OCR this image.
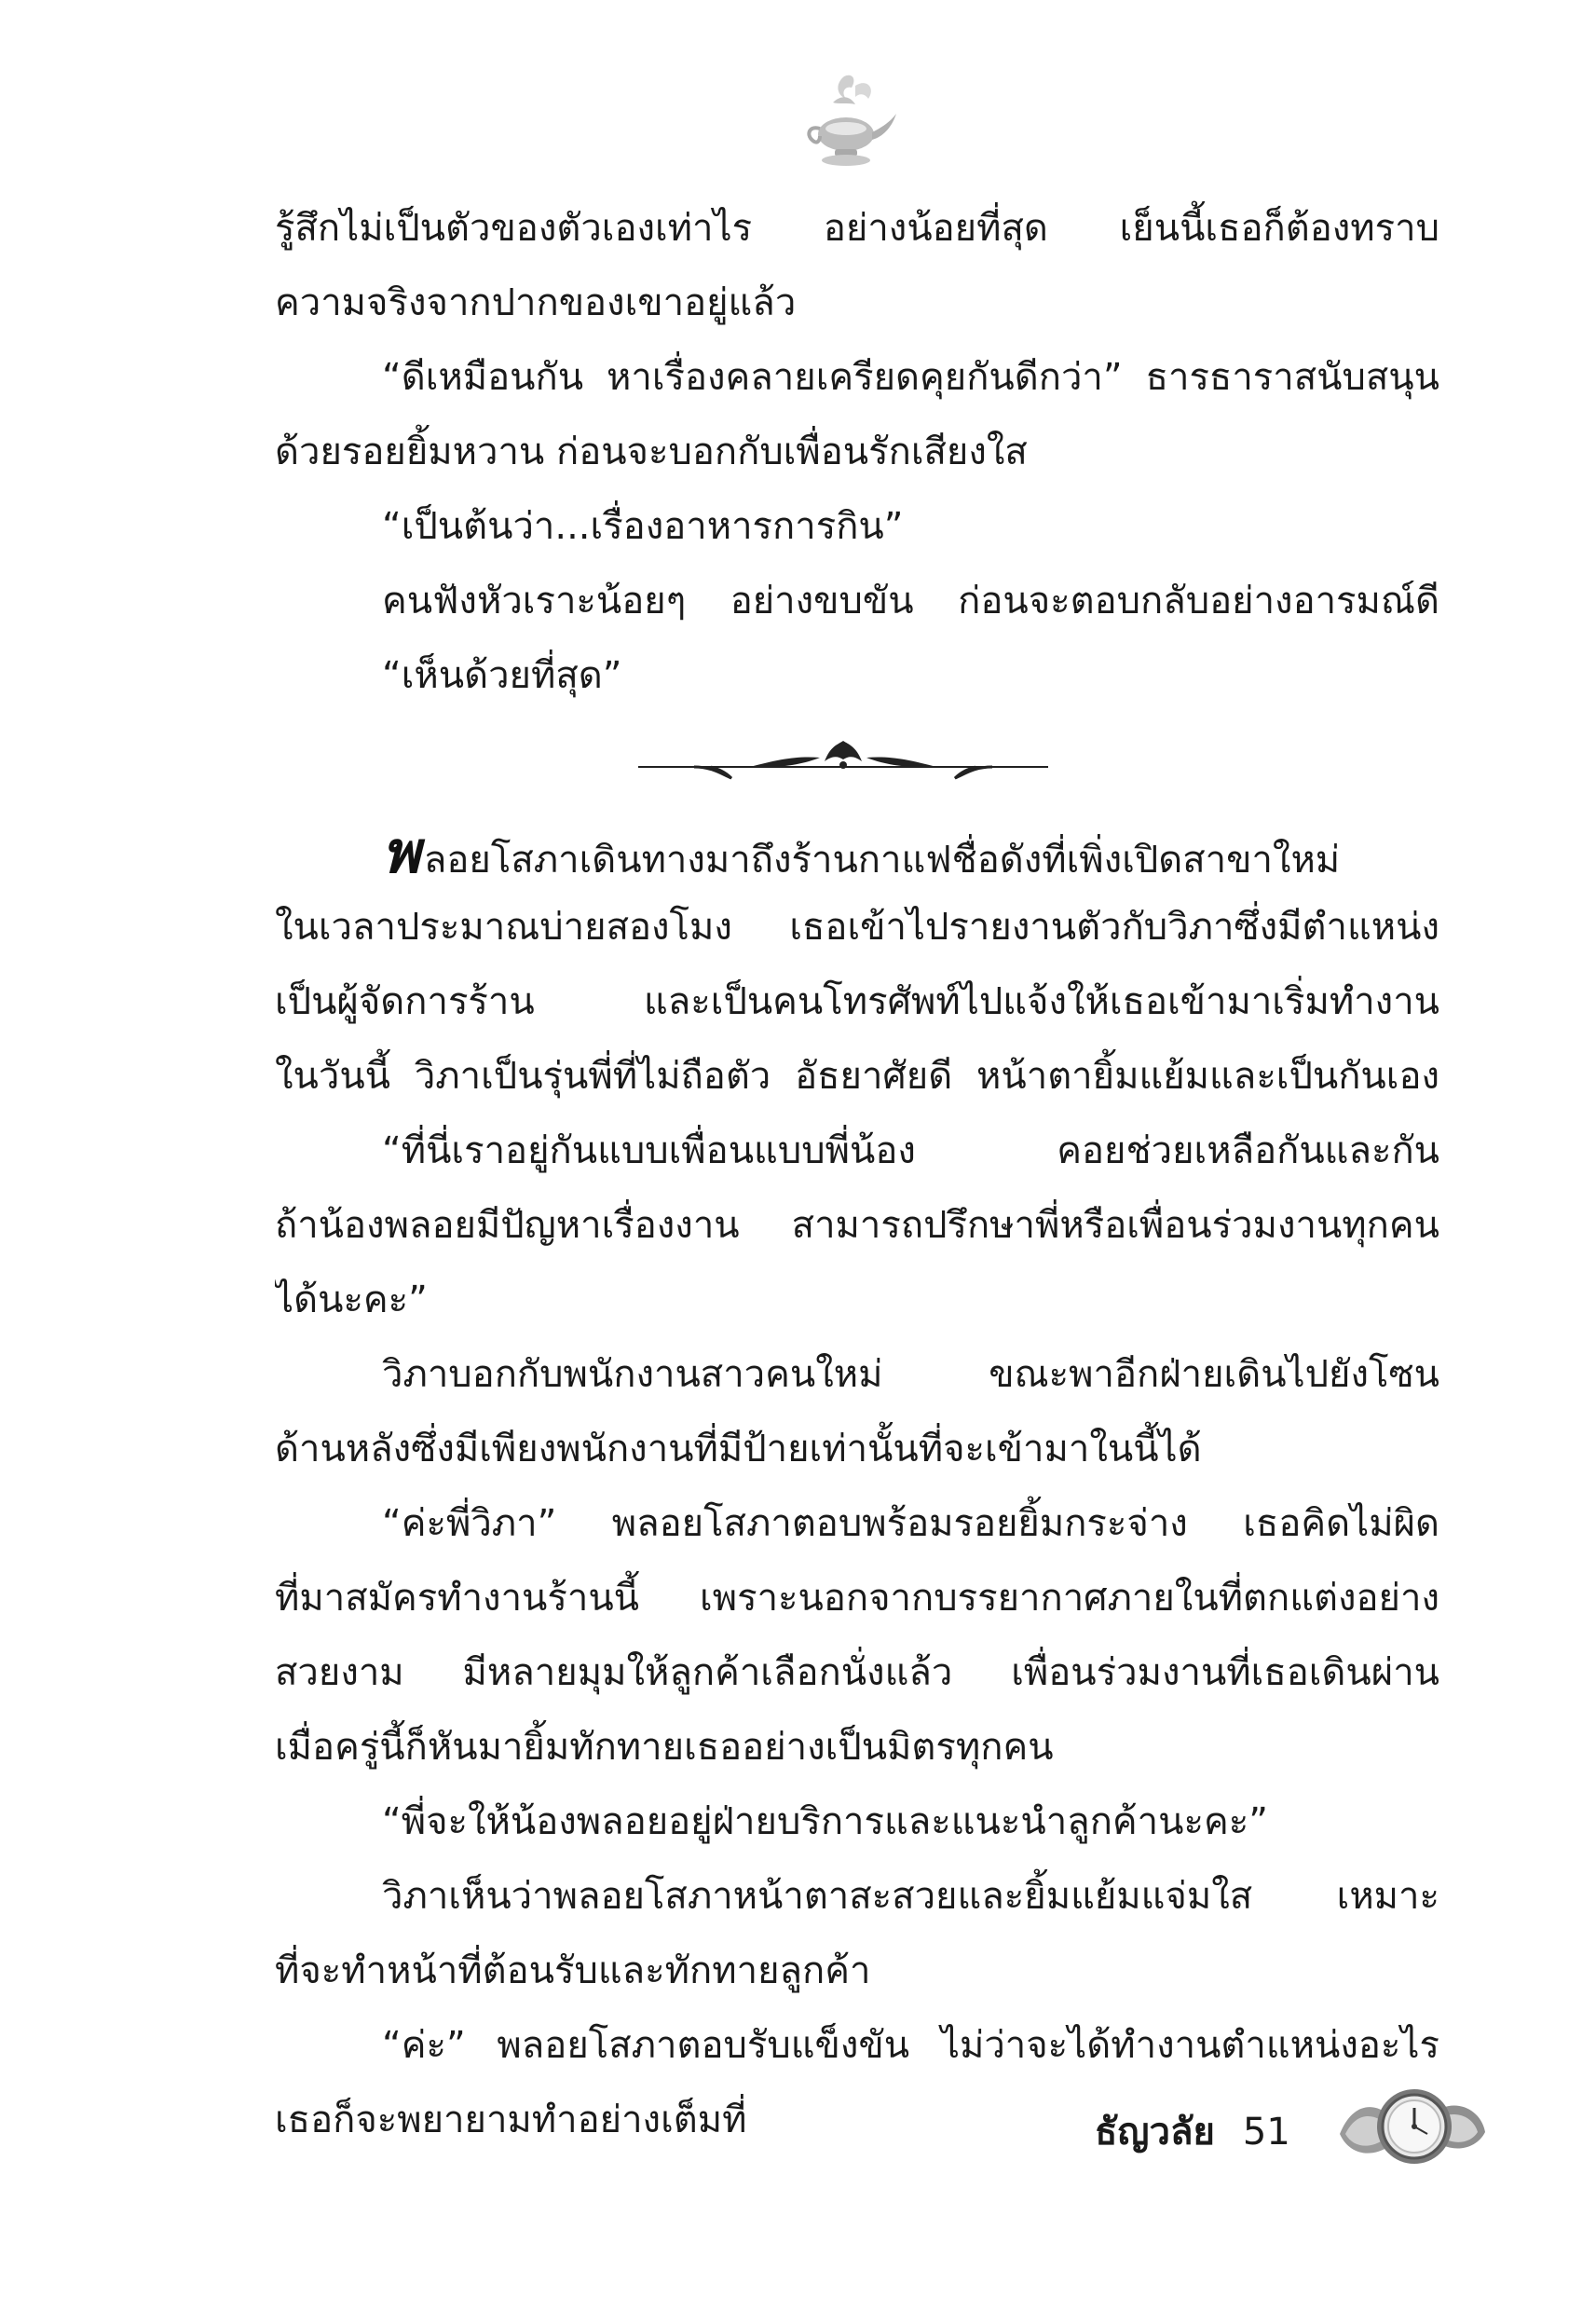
รู้สึกไม่เป็นตัวของตัวเองเท่าไร อย่างน้อยที่สุด เย็นนี้เธอก็ต้องทราบ
ความจริงจากปากของเขาอยู่แล้ว
“ดีเหมือนกัน หาเรื่องคลายเครียดคุยกันดีกว่า” ธารธาราสนับสนุน
ด้วยรอยยิ้มหวาน ก่อนจะบอกกับเพื่อนรักเสียงใส
“เป็นต้นว่า...เรื่องอาหารการกิน”
คนฟังหัวเราะน้อยๆ อย่างขบขัน ก่อนจะตอบกลับอย่างอารมณ์ดี
“เห็นด้วยที่สุด”
พลอยโสภาเดินทางมาถึงร้านกาแฟชื่อดังที่เพิ่งเปิดสาขาใหม่
ในเวลาประมาณบ่ายสองโมง เธอเข้าไปรายงานตัวกับวิภาซึ่งมีตำแหน่ง
เป็นผู้จัดการร้าน และเป็นคนโทรศัพท์ไปแจ้งให้เธอเข้ามาเริ่มทำงาน
ในวันนี้ วิภาเป็นรุ่นพี่ที่ไม่ถือตัว อัธยาศัยดี หน้าตายิ้มแย้มและเป็นกันเอง
“ที่นี่เราอยู่กันแบบเพื่อนแบบพี่น้อง คอยช่วยเหลือกันและกัน
ถ้าน้องพลอยมีปัญหาเรื่องงาน สามารถปรึกษาพี่หรือเพื่อนร่วมงานทุกคน
ได้นะคะ”
วิภาบอกกับพนักงานสาวคนใหม่ ขณะพาอีกฝ่ายเดินไปยังโซน
ด้านหลังซึ่งมีเพียงพนักงานที่มีป้ายเท่านั้นที่จะเข้ามาในนี้ได้
“ค่ะพี่วิภา” พลอยโสภาตอบพร้อมรอยยิ้มกระจ่าง เธอคิดไม่ผิด
ที่มาสมัครทำงานร้านนี้ เพราะนอกจากบรรยากาศภายในที่ตกแต่งอย่าง
สวยงาม มีหลายมุมให้ลูกค้าเลือกนั่งแล้ว เพื่อนร่วมงานที่เธอเดินผ่าน
เมื่อครู่นี้ก็หันมายิ้มทักทายเธออย่างเป็นมิตรทุกคน
“พี่จะให้น้องพลอยอยู่ฝ่ายบริการและแนะนำลูกค้านะคะ”
วิภาเห็นว่าพลอยโสภาหน้าตาสะสวยและยิ้มแย้มแจ่มใส เหมาะ
ที่จะทำหน้าที่ต้อนรับและทักทายลูกค้า
“ค่ะ” พลอยโสภาตอบรับแข็งขัน ไม่ว่าจะได้ทำงานตำแหน่งอะไร
เธอก็จะพยายามทำอย่างเต็มที่	ธัญวลัย 51
